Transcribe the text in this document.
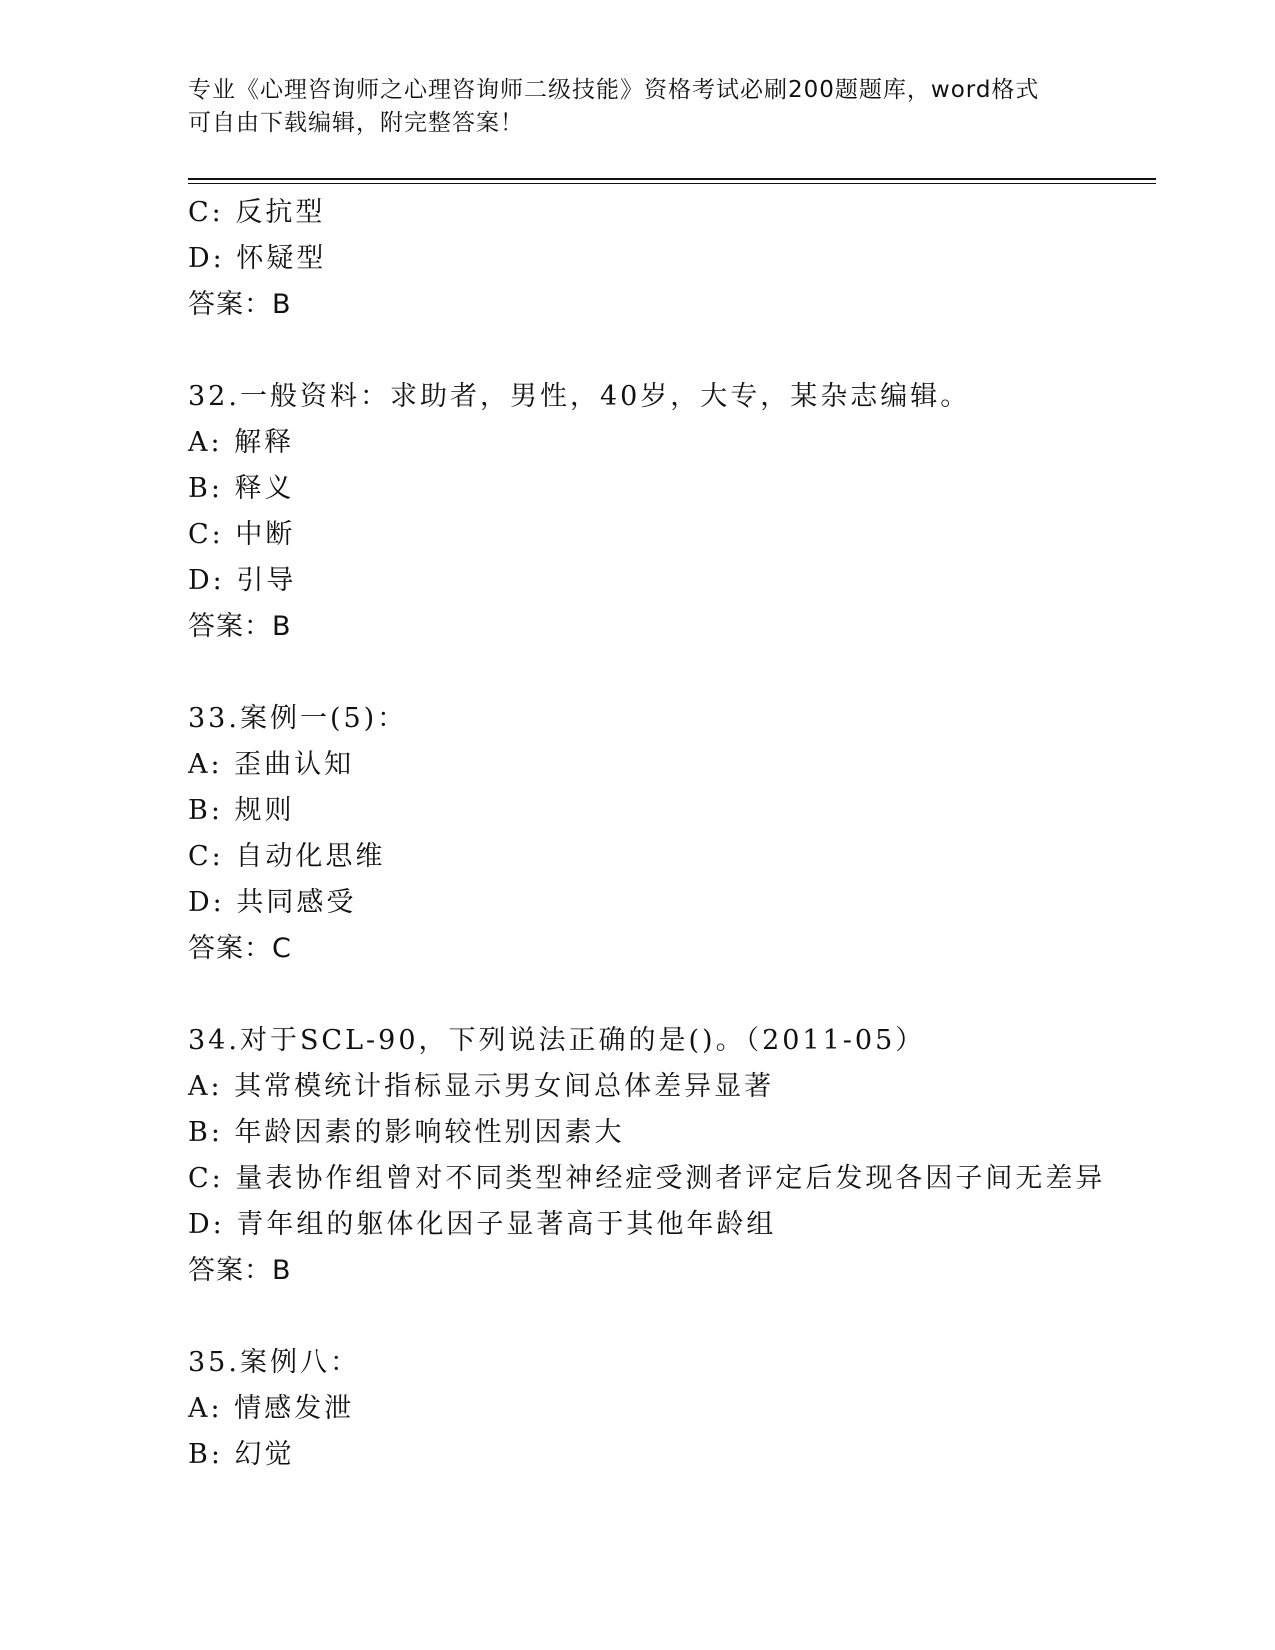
专业《心理咨询师之心理咨询师二级技能》资格考试必刷200题题库，word格式
可自由下载编辑，附完整答案！
C: 反抗型
D: 怀疑型
答案：B
32.一般资料：求助者，男性，40岁，大专，某杂志编辑。
A: 解释
B: 释义
C: 中断
D: 引导
答案：B
33.案例一(5)：
A: 歪曲认知
B: 规则
C: 自动化思维
D: 共同感受
答案：C
34.对于SCL-90，下列说法正确的是()。（2011-05）
A: 其常模统计指标显示男女间总体差异显著
B: 年龄因素的影响较性别因素大
C: 量表协作组曾对不同类型神经症受测者评定后发现各因子间无差异
D: 青年组的躯体化因子显著高于其他年龄组
答案：B
35.案例八：
A: 情感发泄
B: 幻觉
